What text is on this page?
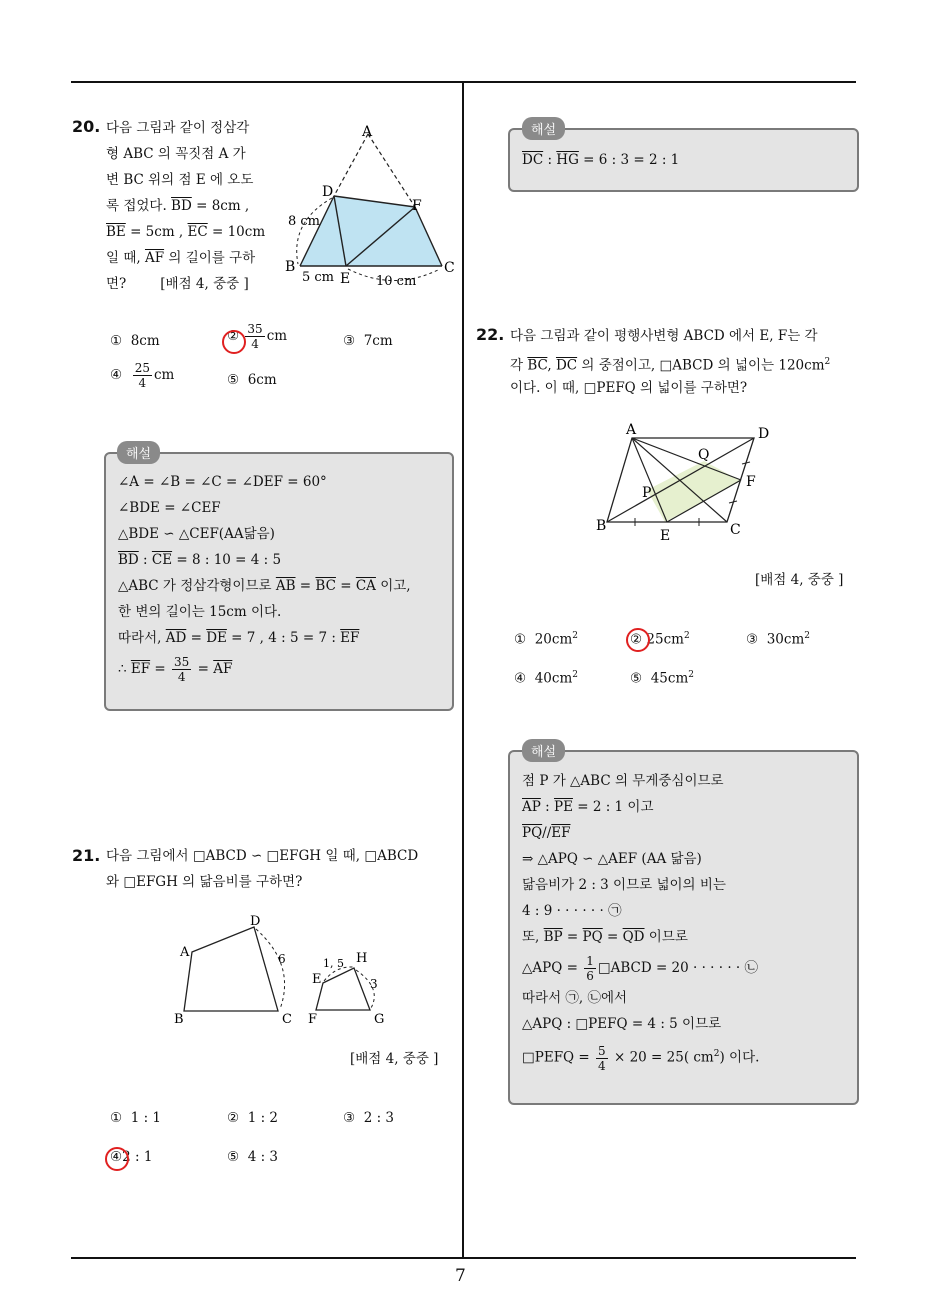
7
20. 다음 그림과 같이 정삼각
형 ABC 의 꼭짓점 A 가
변 BC 위의 점 E 에 오도
록 접었다. $\overline{BD} = 8cm$ ,
$\overline{BE} = 5cm$ , $\overline{EC} = 10cm$
일 때, $\overline{AF}$ 의 길이를 구하
면?	[배점 4, 중중 ]
A
D
F
B
E
C
8 cm
5 cm	10 cm
① 8cm	② $\frac{35}{4}$ cm	③ 7cm
④ $\frac{25}{4}$ cm	⑤ 6cm
해설
∠A = ∠B = ∠C = ∠DEF = 60°
∠BDE = ∠CEF
△BDE ∽ △CEF(AA닮음)
$\overline{BD}$ : $\overline{CE} = 8$ : 10 = 4 : 5
△ABC 가 정삼각형이므로 $\overline{AB} = \overline{BC} = \overline{CA}$ 이고,
한 변의 길이는 15cm 이다.
따라서, $\overline{AD} = \overline{DE} = 7$ , 4 : 5 = 7 : $\overline{EF}$
∴ $\overline{EF} = \frac{35}{4} = \overline{AF}$
21. 다음 그림에서 □ABCD ∽ □EFGH 일 때, □ABCD
와 □EFGH 의 닮음비를 구하면?
A
D
B	C
6
E
H
F	G
1, 5
3
[배점 4, 중중 ]
① 1 : 1	② 1 : 2	③ 2 : 3
④2 : 1	⑤ 4 : 3
해설
$\overline{DC}$ : $\overline{HG} = 6$ : 3 = 2 : 1
22. 다음 그림과 같이 평행사변형 ABCD 에서 E, F는 각
각 $\overline{BC}$, $\overline{DC}$ 의 중점이고, □ABCD 의 넓이는 $120cm^2$
이다. 이 때, □PEFQ 의 넓이를 구하면?
A	D
Q
P
F
B
E	C
[배점 4, 중중 ]
① $20cm^2$	② $25cm^2$	③ $30cm^2$
④ $40cm^2$	⑤ $45cm^2$
해설
점 P 가 △ABC 의 무게중심이므로
$\overline{AP}$ : $\overline{PE} = 2$ : 1 이고
$\overline{PQ}//\overline{EF}$
⇒ △APQ ∽ △AEF (AA 닮음)
닮음비가 2 : 3 이므로 넓이의 비는
4 : 9 · · · · · · ㉠
또, $\overline{BP} = \overline{PQ} = \overline{QD}$ 이므로
△APQ = $\frac{1}{6}$ □ABCD = 20 · · · · · · ㉡
따라서 ㉠, ㉡에서
△APQ : □PEFQ = 4 : 5 이므로
□PEFQ = $\frac{5}{4} \times 20 = 25$( $cm^2$) 이다.
